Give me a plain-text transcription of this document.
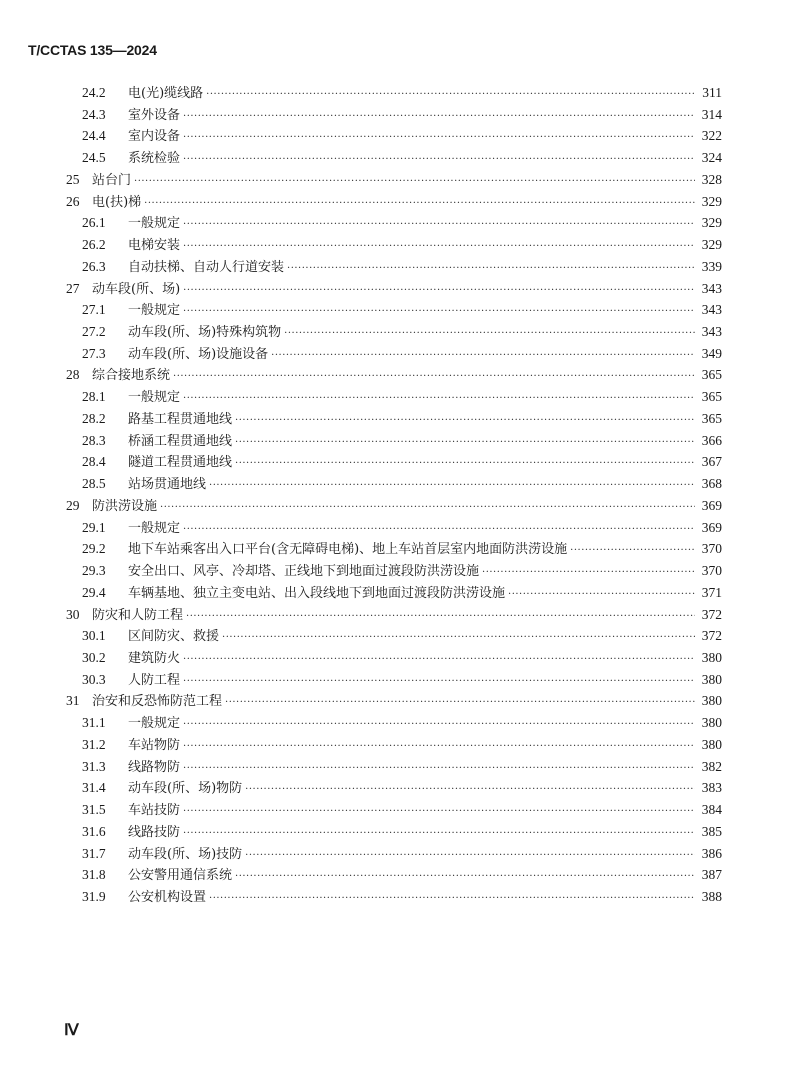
T/CCTAS 135—2024
24.2	电(光)缆线路 ·····	311
24.3	室外设备 ·····	314
24.4	室内设备 ·····	322
24.5	系统检验 ·····	324
25 站台门 ·····	328
26 电(扶)梯 ·····	329
26.1	一般规定 ·····	329
26.2	电梯安装 ·····	329
26.3	自动扶梯、自动人行道安装 ·····	339
27 动车段(所、场) ·····	343
27.1	一般规定 ·····	343
27.2	动车段(所、场)特殊构筑物 ·····	343
27.3	动车段(所、场)设施设备 ·····	349
28 综合接地系统 ·····	365
28.1	一般规定 ·····	365
28.2	路基工程贯通地线 ·····	365
28.3	桥涵工程贯通地线 ·····	366
28.4	隧道工程贯通地线 ·····	367
28.5	站场贯通地线 ·····	368
29 防洪涝设施 ·····	369
29.1	一般规定 ·····	369
29.2	地下车站乘客出入口平台(含无障碍电梯)、地上车站首层室内地面防洪涝设施 ·····	370
29.3	安全出口、风亭、冷却塔、正线地下到地面过渡段防洪涝设施 ·····	370
29.4	车辆基地、独立主变电站、出入段线地下到地面过渡段防洪涝设施 ·····	371
30 防灾和人防工程 ·····	372
30.1	区间防灾、救援 ·····	372
30.2	建筑防火 ·····	380
30.3	人防工程 ·····	380
31 治安和反恐怖防范工程 ·····	380
31.1	一般规定 ·····	380
31.2	车站物防 ·····	380
31.3	线路物防 ·····	382
31.4	动车段(所、场)物防 ·····	383
31.5	车站技防 ·····	384
31.6	线路技防 ·····	385
31.7	动车段(所、场)技防 ·····	386
31.8	公安警用通信系统 ·····	387
31.9	公安机构设置 ·····	388
Ⅳ
